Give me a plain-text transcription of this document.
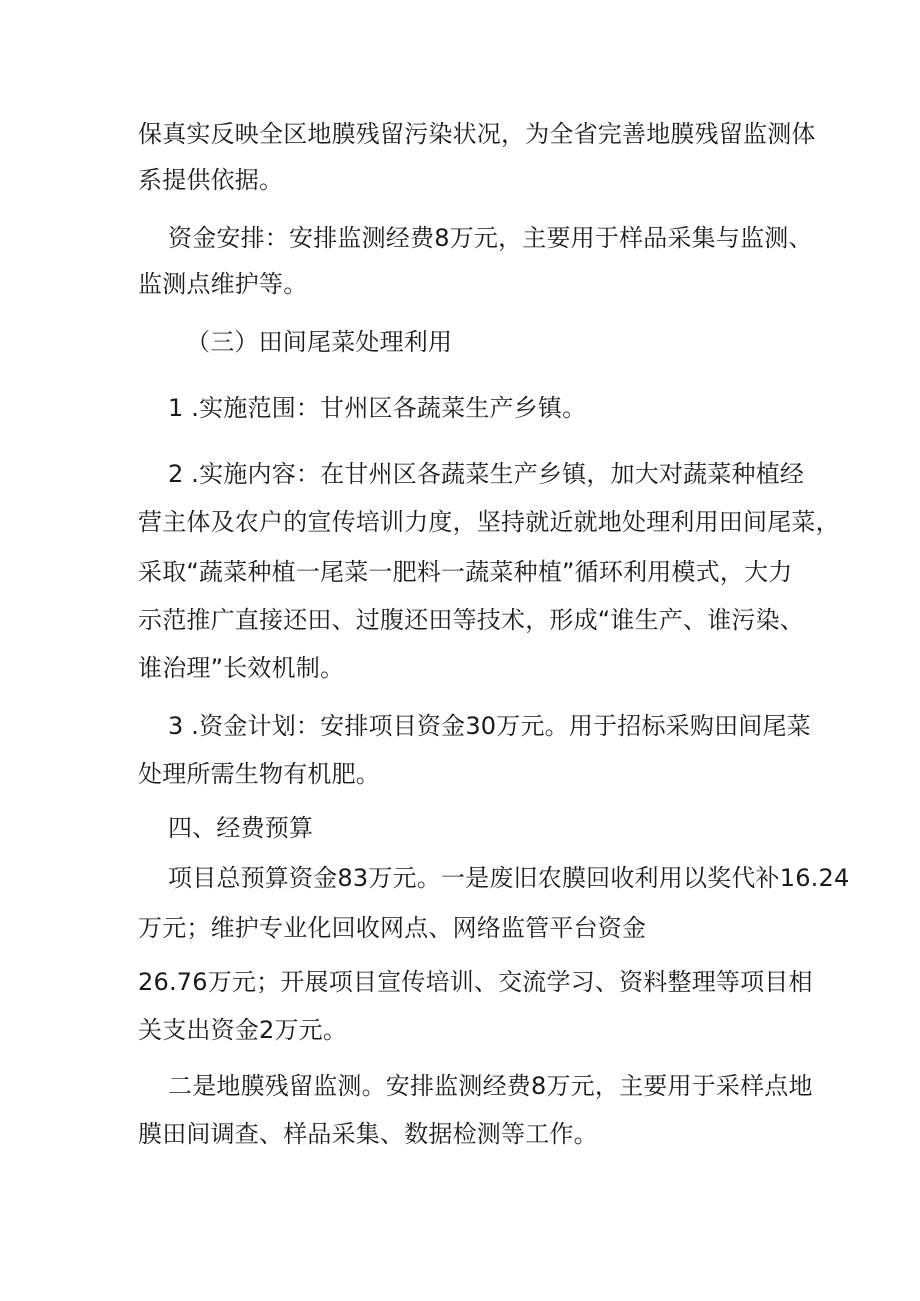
保真实反映全区地膜残留污染状况，为全省完善地膜残留监测体

系提供依据。

资金安排：安排监测经费8万元，主要用于样品采集与监测、

监测点维护等。

（三）田间尾菜处理利用

1 .实施范围：甘州区各蔬菜生产乡镇。

2 .实施内容：在甘州区各蔬菜生产乡镇，加大对蔬菜种植经

营主体及农户的宣传培训力度，坚持就近就地处理利用田间尾菜，

采取“蔬菜种植一尾菜一肥料一蔬菜种植”循环利用模式，大力

示范推广直接还田、过腹还田等技术，形成“谁生产、谁污染、

谁治理”长效机制。

3 .资金计划：安排项目资金30万元。用于招标采购田间尾菜

处理所需生物有机肥。

四、经费预算

项目总预算资金83万元。一是废旧农膜回收利用以奖代补16.24

万元；维护专业化回收网点、网络监管平台资金

26.76万元；开展项目宣传培训、交流学习、资料整理等项目相

关支出资金2万元。

二是地膜残留监测。安排监测经费8万元，主要用于采样点地

膜田间调查、样品采集、数据检测等工作。
